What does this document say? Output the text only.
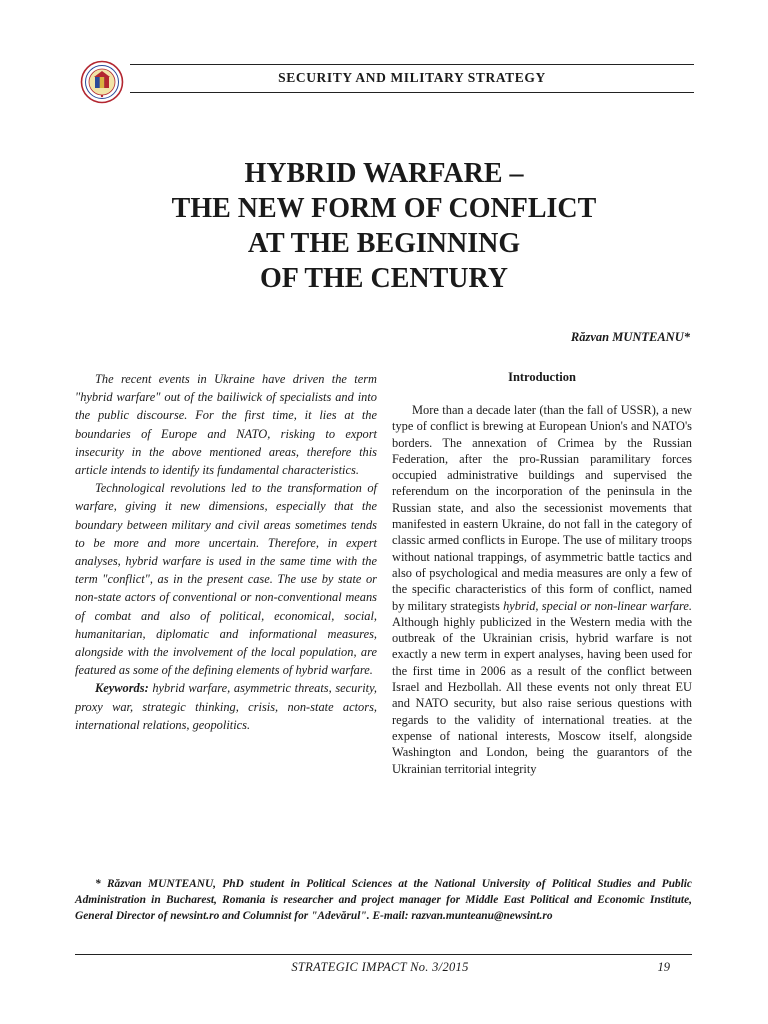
SECURITY AND MILITARY STRATEGY
HYBRID WARFARE –
THE NEW FORM OF CONFLICT
AT THE BEGINNING
OF THE CENTURY
Răzvan MUNTEANU*

The recent events in Ukraine have driven the term "hybrid warfare" out of the bailiwick of specialists and into the public discourse. For the first time, it lies at the boundaries of Europe and NATO, risking to export insecurity in the above mentioned areas, therefore this article intends to identify its fundamental characteristics.

Technological revolutions led to the transformation of warfare, giving it new dimensions, especially that the boundary between military and civil areas sometimes tends to be more and more uncertain. Therefore, in expert analyses, hybrid warfare is used in the same time with the term "conflict", as in the present case. The use by state or non-state actors of conventional or non-conventional means of combat and also of political, economical, social, humanitarian, diplomatic and informational measures, alongside with the involvement of the local population, are featured as some of the defining elements of hybrid warfare.

Keywords: hybrid warfare, asymmetric threats, security, proxy war, strategic thinking, crisis, non-state actors, international relations, geopolitics.

Introduction

More than a decade later (than the fall of USSR), a new type of conflict is brewing at European Union's and NATO's borders. The annexation of Crimea by the Russian Federation, after the pro-Russian paramilitary forces occupied administrative buildings and supervised the referendum on the incorporation of the peninsula in the Russian state, and also the secessionist movements that manifested in eastern Ukraine, do not fall in the category of classic armed conflicts in Europe. The use of military troops without national trappings, of asymmetric battle tactics and also of psychological and media measures are only a few of the specific characteristics of this form of conflict, named by military strategists hybrid, special or non-linear warfare. Although highly publicized in the Western media with the outbreak of the Ukrainian crisis, hybrid warfare is not exactly a new term in expert analyses, having been used for the first time in 2006 as a result of the conflict between Israel and Hezbollah. All these events not only threat EU and NATO security, but also raise serious questions with regards to the validity of international treaties. at the expense of national interests, Moscow itself, alongside Washington and London, being the guarantors of the Ukrainian territorial integrity

* Răzvan MUNTEANU, PhD student in Political Sciences at the National University of Political Studies and Public Administration in Bucharest, Romania is researcher and project manager for Middle East Political and Economic Institute, General Director of newsint.ro and Columnist for "Adevărul". E-mail: razvan.munteanu@newsint.ro

STRATEGIC IMPACT No. 3/2015	19
